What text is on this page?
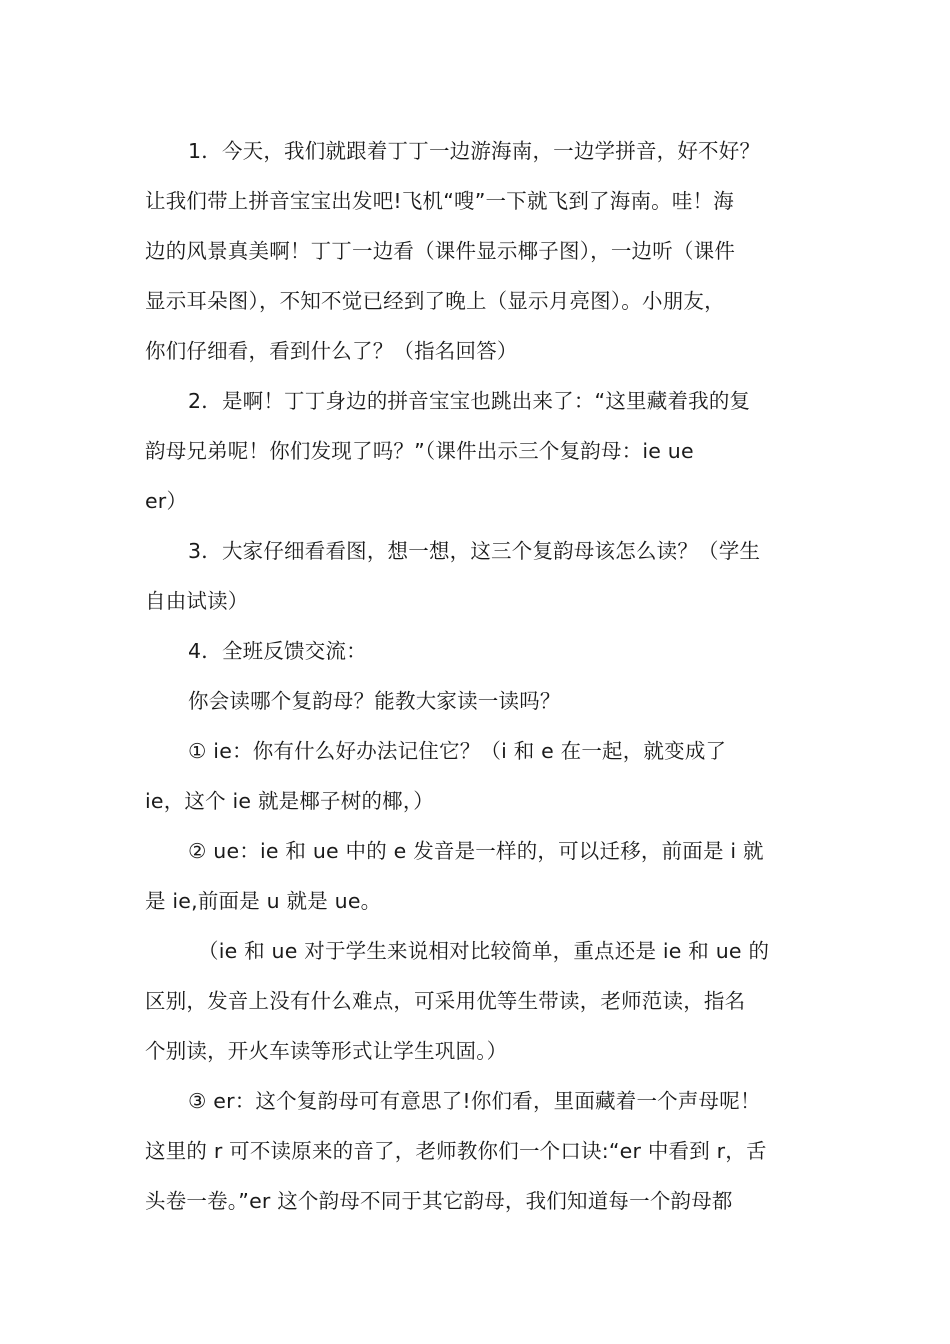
1．今天，我们就跟着丁丁一边游海南，一边学拼音，好不好？
让我们带上拼音宝宝出发吧!飞机“嗖”一下就飞到了海南。哇！海
边的风景真美啊！丁丁一边看（课件显示椰子图），一边听（课件
显示耳朵图），不知不觉已经到了晚上（显示月亮图）。小朋友，
你们仔细看，看到什么了？（指名回答）
2．是啊！丁丁身边的拼音宝宝也跳出来了：“这里藏着我的复
韵母兄弟呢！你们发现了吗？”（课件出示三个复韵母：ie ue
er）
3．大家仔细看看图，想一想，这三个复韵母该怎么读？（学生
自由试读）
4．全班反馈交流：
你会读哪个复韵母？能教大家读一读吗？
① ie：你有什么好办法记住它？（i 和 e 在一起，就变成了
ie，这个 ie 就是椰子树的椰，）
② ue：ie 和 ue 中的 e 发音是一样的，可以迁移，前面是 i 就
是 ie,前面是 u 就是 ue。
（ie 和 ue 对于学生来说相对比较简单，重点还是 ie 和 ue 的
区别，发音上没有什么难点，可采用优等生带读，老师范读，指名
个别读，开火车读等形式让学生巩固。）
③ er：这个复韵母可有意思了!你们看，里面藏着一个声母呢！
这里的 r 可不读原来的音了，老师教你们一个口诀:“er 中看到 r，舌
头卷一卷。”er 这个韵母不同于其它韵母，我们知道每一个韵母都
